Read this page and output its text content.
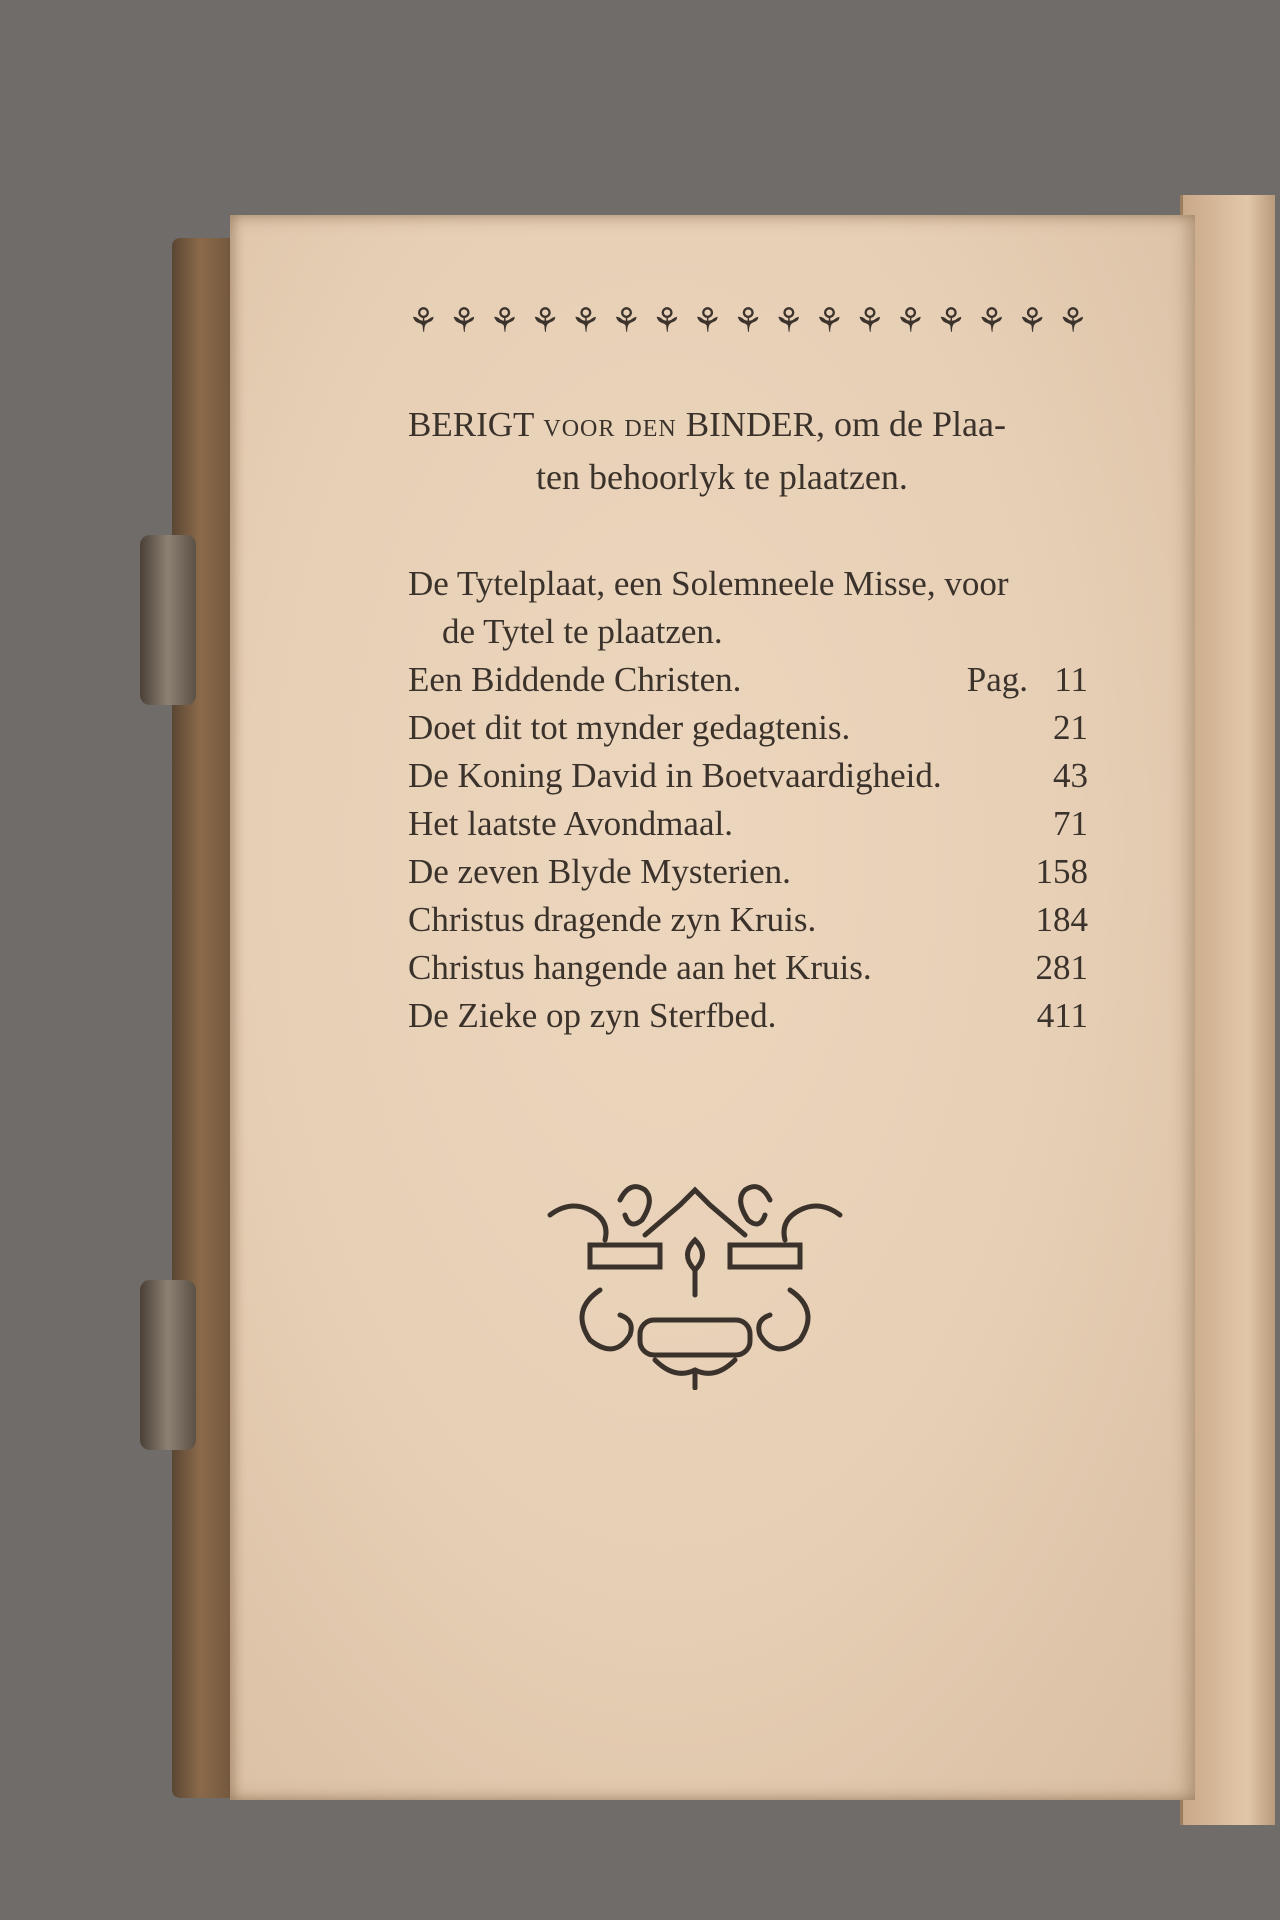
⚘ ⚘ ⚘ ⚘ ⚘ ⚘ ⚘ ⚘ ⚘ ⚘ ⚘ ⚘ ⚘ ⚘ ⚘ ⚘ ⚘
BERIGT VOOR DEN BINDER, om de Plaa-
ten behoorlyk te plaatzen.
De Tytelplaat, een Solemneele Misse, voor
de Tytel te plaatzen.
Een Biddende Christen.	Pag. 11
Doet dit tot mynder gedagtenis.	21
De Koning David in Boetvaardigheid.	43
Het laatste Avondmaal.	71
De zeven Blyde Mysterien.	158
Christus dragende zyn Kruis.	184
Christus hangende aan het Kruis.	281
De Zieke op zyn Sterfbed.	411
